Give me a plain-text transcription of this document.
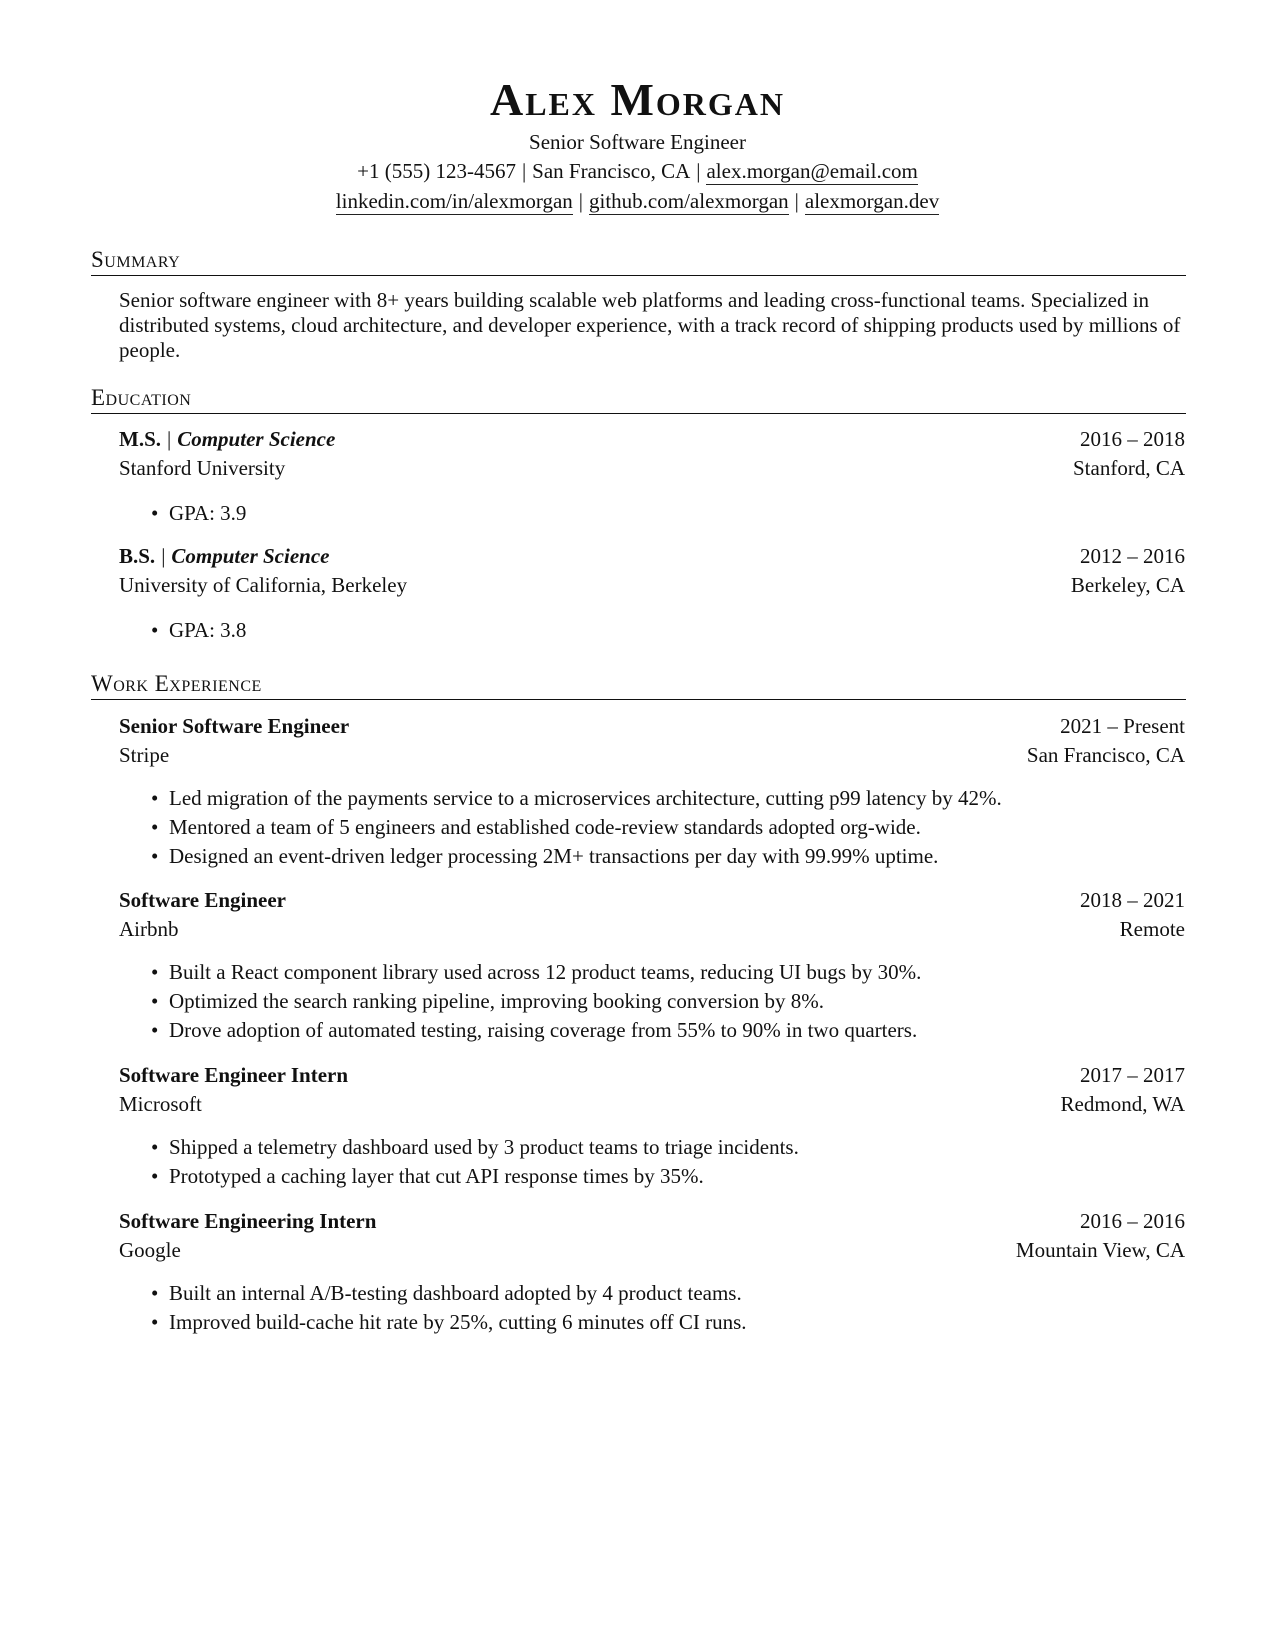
Alex Morgan
Senior Software Engineer
+1 (555) 123-4567 | San Francisco, CA | alex.morgan@email.com
linkedin.com/in/alexmorgan | github.com/alexmorgan | alexmorgan.dev
Summary
Senior software engineer with 8+ years building scalable web platforms and leading cross-functional teams. Specialized in distributed systems, cloud architecture, and developer experience, with a track record of shipping products used by millions of people.
Education
M.S. | Computer Science	2016 – 2018
Stanford University	Stanford, CA
• GPA: 3.9
B.S. | Computer Science	2012 – 2016
University of California, Berkeley	Berkeley, CA
• GPA: 3.8
Work Experience
Senior Software Engineer	2021 – Present
Stripe	San Francisco, CA
• Led migration of the payments service to a microservices architecture, cutting p99 latency by 42%.
• Mentored a team of 5 engineers and established code-review standards adopted org-wide.
• Designed an event-driven ledger processing 2M+ transactions per day with 99.99% uptime.
Software Engineer	2018 – 2021
Airbnb	Remote
• Built a React component library used across 12 product teams, reducing UI bugs by 30%.
• Optimized the search ranking pipeline, improving booking conversion by 8%.
• Drove adoption of automated testing, raising coverage from 55% to 90% in two quarters.
Software Engineer Intern	2017 – 2017
Microsoft	Redmond, WA
• Shipped a telemetry dashboard used by 3 product teams to triage incidents.
• Prototyped a caching layer that cut API response times by 35%.
Software Engineering Intern	2016 – 2016
Google	Mountain View, CA
• Built an internal A/B-testing dashboard adopted by 4 product teams.
• Improved build-cache hit rate by 25%, cutting 6 minutes off CI runs.
